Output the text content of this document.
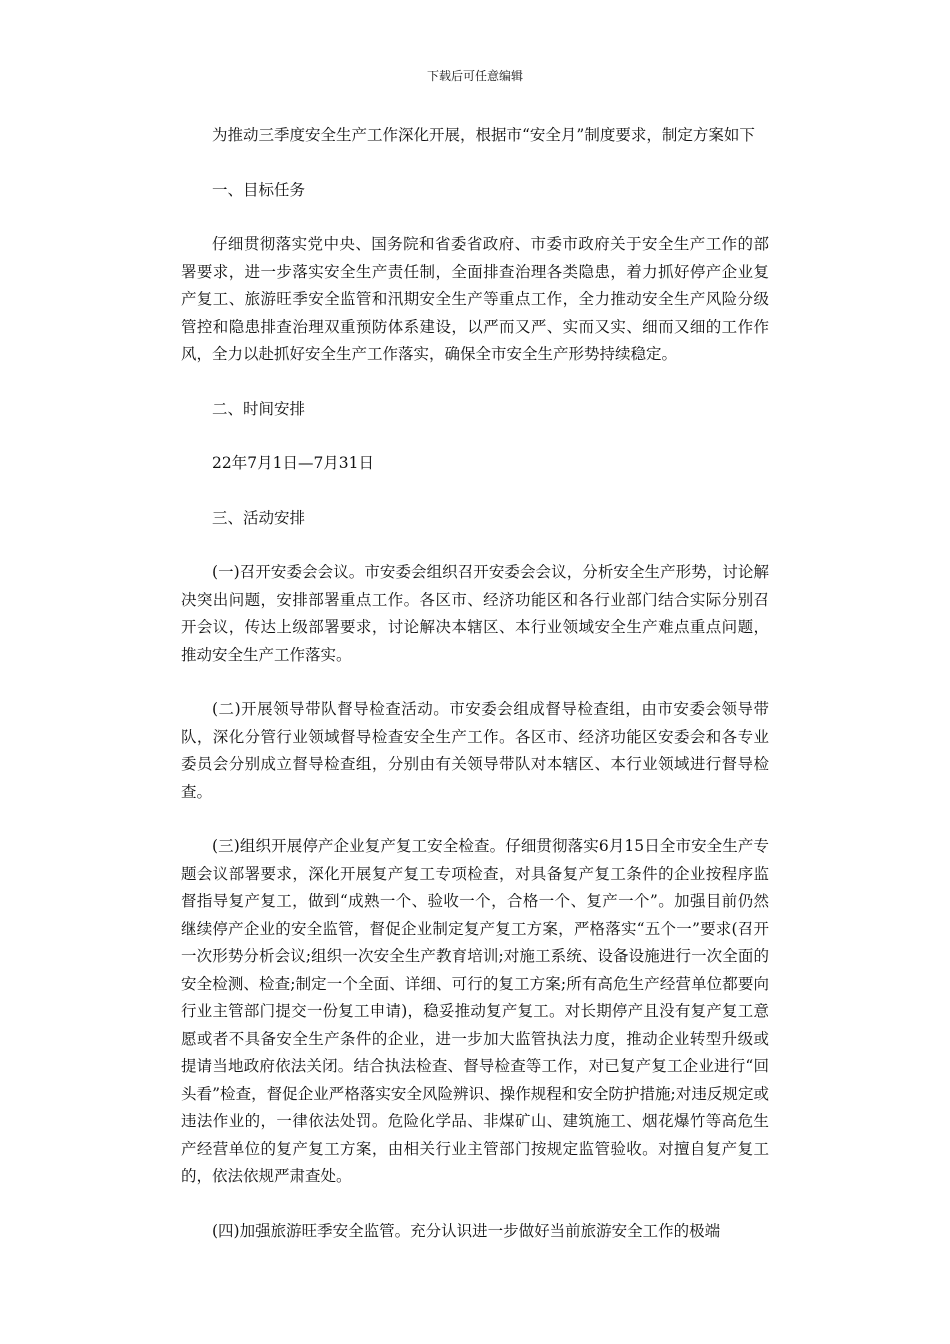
下载后可任意编辑

为推动三季度安全生产工作深化开展，根据市“安全月”制度要求，制定方案如下

一、目标任务

仔细贯彻落实党中央、国务院和省委省政府、市委市政府关于安全生产工作的部署要求，进一步落实安全生产责任制，全面排查治理各类隐患，着力抓好停产企业复产复工、旅游旺季安全监管和汛期安全生产等重点工作，全力推动安全生产风险分级管控和隐患排查治理双重预防体系建设，以严而又严、实而又实、细而又细的工作作风，全力以赴抓好安全生产工作落实，确保全市安全生产形势持续稳定。

二、时间安排

22年7月1日—7月31日

三、活动安排

(一)召开安委会会议。市安委会组织召开安委会会议，分析安全生产形势，讨论解决突出问题，安排部署重点工作。各区市、经济功能区和各行业部门结合实际分别召开会议，传达上级部署要求，讨论解决本辖区、本行业领域安全生产难点重点问题，推动安全生产工作落实。

(二)开展领导带队督导检查活动。市安委会组成督导检查组，由市安委会领导带队，深化分管行业领域督导检查安全生产工作。各区市、经济功能区安委会和各专业委员会分别成立督导检查组，分别由有关领导带队对本辖区、本行业领域进行督导检查。

(三)组织开展停产企业复产复工安全检查。仔细贯彻落实6月15日全市安全生产专题会议部署要求，深化开展复产复工专项检查，对具备复产复工条件的企业按程序监督指导复产复工，做到“成熟一个、验收一个，合格一个、复产一个”。加强目前仍然继续停产企业的安全监管，督促企业制定复产复工方案，严格落实“五个一”要求(召开一次形势分析会议;组织一次安全生产教育培训;对施工系统、设备设施进行一次全面的安全检测、检查;制定一个全面、详细、可行的复工方案;所有高危生产经营单位都要向行业主管部门提交一份复工申请)，稳妥推动复产复工。对长期停产且没有复产复工意愿或者不具备安全生产条件的企业，进一步加大监管执法力度，推动企业转型升级或提请当地政府依法关闭。结合执法检查、督导检查等工作，对已复产复工企业进行“回头看”检查，督促企业严格落实安全风险辨识、操作规程和安全防护措施;对违反规定或违法作业的，一律依法处罚。危险化学品、非煤矿山、建筑施工、烟花爆竹等高危生产经营单位的复产复工方案，由相关行业主管部门按规定监管验收。对擅自复产复工的，依法依规严肃查处。

(四)加强旅游旺季安全监管。充分认识进一步做好当前旅游安全工作的极端
